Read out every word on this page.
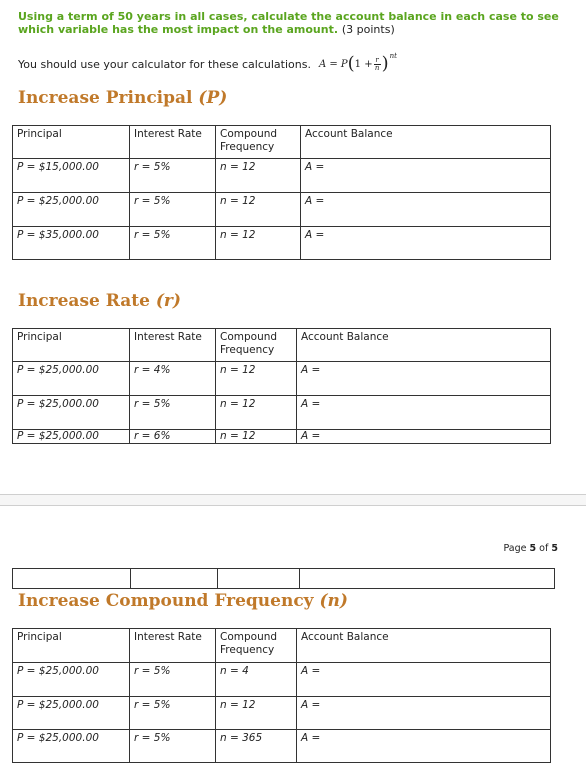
Using a term of 50 years in all cases, calculate the account balance in each case to see which variable has the most impact on the amount. (3 points)
You should use your calculator for these calculations. A = P ( $1 + \frac{r}{n} )^{nt}$
Increase Principal (P)
Principal	Interest Rate	Compound Frequency	Account Balance
P = $15,000.00	r = 5%	n = 12	A =
P = $25,000.00	r = 5%	n = 12	A =
P = $35,000.00	r = 5%	n = 12	A =
Increase Rate (r)
Principal	Interest Rate	Compound Frequency	Account Balance
P = $25,000.00	r = 4%	n = 12	A =
P = $25,000.00	r = 5%	n = 12	A =
P = $25,000.00	r = 6%	n = 12	A =
Page 5 of 5

Increase Compound Frequency (n)
Principal	Interest Rate	Compound Frequency	Account Balance
P = $25,000.00	r = 5%	n = 4	A =
P = $25,000.00	r = 5%	n = 12	A =
P = $25,000.00	r = 5%	n = 365	A =
